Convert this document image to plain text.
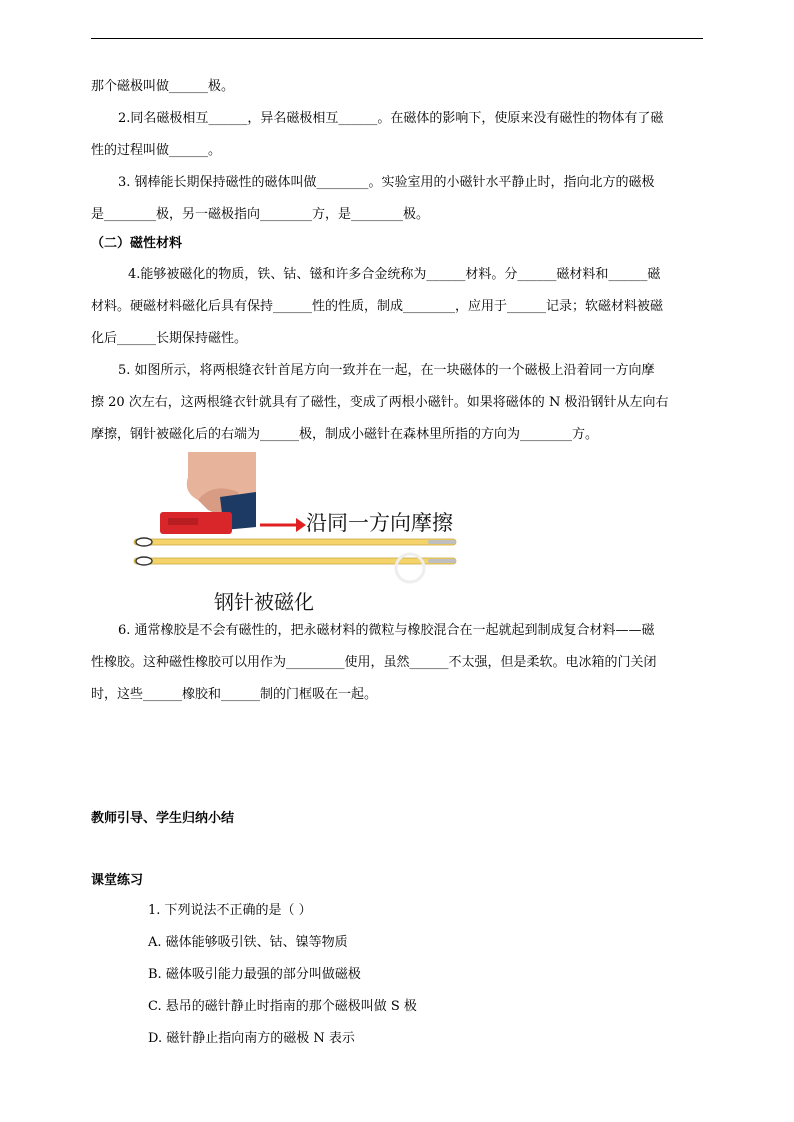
那个磁极叫做______极。
2.同名磁极相互______，异名磁极相互______。在磁体的影响下，使原来没有磁性的物体有了磁
性的过程叫做______。
3. 钢棒能长期保持磁性的磁体叫做________。实验室用的小磁针水平静止时，指向北方的磁极
是________极，另一磁极指向________方，是________极。
（二）磁性材料
4.能够被磁化的物质，铁、钴、镃和许多合金统称为______材料。分______磁材料和______磁
材料。硬磁材料磁化后具有保持______性的性质，制成________，应用于______记录；软磁材料被磁
化后______长期保持磁性。
5. 如图所示，将两根缝衣针首尾方向一致并在一起，在一块磁体的一个磁极上沿着同一方向摩
擦 20 次左右，这两根缝衣针就具有了磁性，变成了两根小磁针。如果将磁体的 N 极沿钢针从左向右
摩擦，钢针被磁化后的右端为______极，制成小磁针在森林里所指的方向为________方。
6. 通常橡胶是不会有磁性的，把永磁材料的微粒与橡胶混合在一起就起到制成复合材料——磁
性橡胶。这种磁性橡胶可以用作为_________使用，虽然______不太强，但是柔软。电冰箱的门关闭
时，这些______橡胶和______制的门框吸在一起。
教师引导、学生归纳小结
课堂练习
1. 下列说法不正确的是（ ）
A. 磁体能够吸引铁、钴、镍等物质
B. 磁体吸引能力最强的部分叫做磁极
C. 悬吊的磁针静止时指南的那个磁极叫做 S 极
D. 磁针静止指向南方的磁极 N 表示
沿同一方向摩擦
钢针被磁化
